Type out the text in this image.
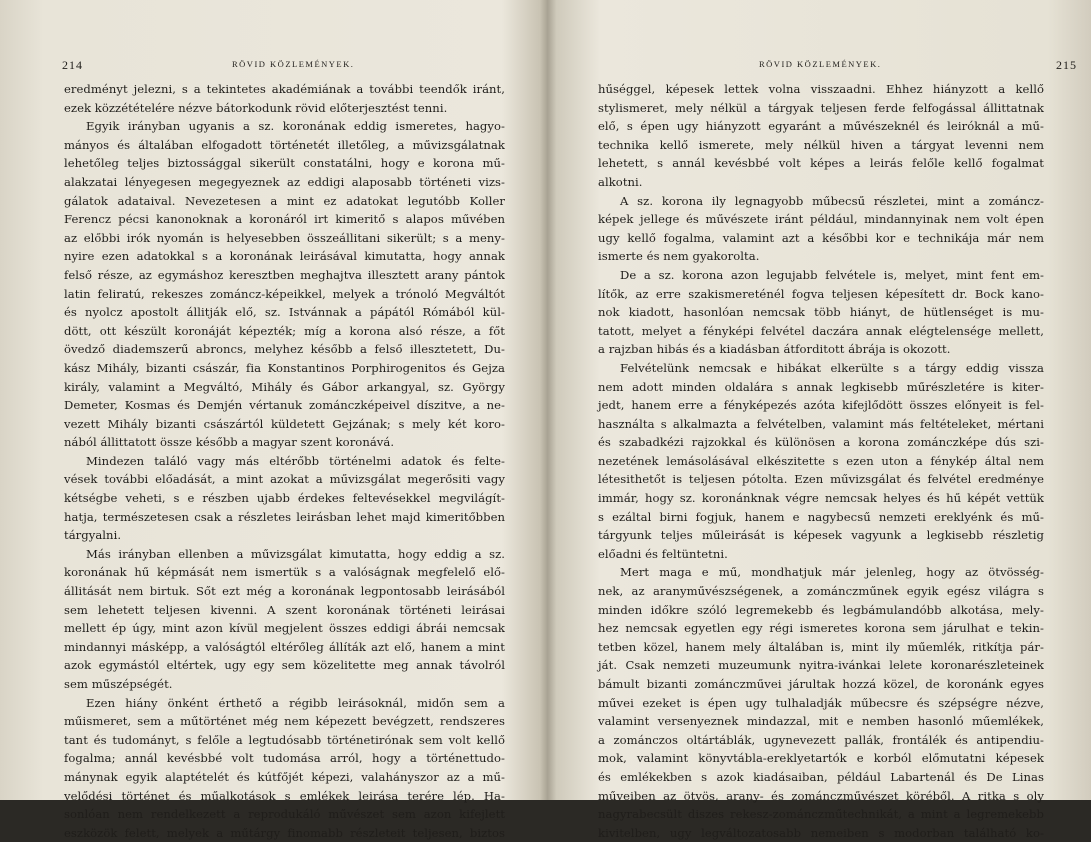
214	RÖVID KÖZLEMÉNYEK.
eredményt jelezni, s a tekintetes akadémiának a további teendők iránt,
ezek közzétételére nézve bátorkodunk rövid előterjesztést tenni.
Egyik irányban ugyanis a sz. koronának eddig ismeretes, hagyo-
mányos és általában elfogadott történetét illetőleg, a művizsgálatnak
lehetőleg teljes biztossággal sikerült constatálni, hogy e korona mű-
alakzatai lényegesen megegyeznek az eddigi alaposabb történeti vizs-
gálatok adataival. Nevezetesen a mint ez adatokat legutóbb Koller
Ferencz pécsi kanonoknak a koronáról irt kimeritő s alapos művében
az előbbi irók nyomán is helyesebben összeállitani sikerült; s a meny-
nyire ezen adatokkal s a koronának leirásával kimutatta, hogy annak
felső része, az egymáshoz keresztben meghajtva illesztett arany pántok
latin feliratú, rekeszes zománcz-képeikkel, melyek a trónoló Megváltót
és nyolcz apostolt állitják elő, sz. Istvánnak a pápától Rómából kül-
dött, ott készült koronáját képezték; míg a korona alsó része, a főt
övedző diademszerű abroncs, melyhez később a felső illesztetett, Du-
kász Mihály, bizanti császár, fia Konstantinos Porphirogenitos és Gejza
király, valamint a Megváltó, Mihály és Gábor arkangyal, sz. György
Demeter, Kosmas és Demjén vértanuk zománczképeivel díszitve, a ne-
vezett Mihály bizanti császártól küldetett Gejzának; s mely két koro-
nából állittatott össze később a magyar szent koronává.
Mindezen találó vagy más eltérőbb történelmi adatok és felte-
vések további előadását, a mint azokat a művizsgálat megerősiti vagy
kétségbe veheti, s e részben ujabb érdekes feltevésekkel megvilágít-
hatja, természetesen csak a részletes leirásban lehet majd kimeritőbben
tárgyalni.
Más irányban ellenben a művizsgálat kimutatta, hogy eddig a sz.
koronának hű képmását nem ismertük s a valóságnak megfelelő elő-
állitását nem birtuk. Sőt ezt még a koronának legpontosabb leirásából
sem lehetett teljesen kivenni. A szent koronának történeti leirásai
mellett ép úgy, mint azon kívül megjelent összes eddigi ábrái nemcsak
mindannyi másképp, a valóságtól eltérőleg állíták azt elő, hanem a mint
azok egymástól eltértek, ugy egy sem közelitette meg annak távolról
sem műszépségét.
Ezen hiány önként érthető a régibb leirásoknál, midőn sem a
műismeret, sem a műtörténet még nem képezett bevégzett, rendszeres
tant és tudományt, s felőle a legtudósabb történetirónak sem volt kellő
fogalma; annál kevésbbé volt tudomása arról, hogy a történettudo-
mánynak egyik alaptételét és kútfőjét képezi, valahányszor az a mű-
velődési történet és műalkotások s emlékek leirása terére lép. Ha-
sonlóan nem rendelkezett a reprodukáló művészet sem azon kifejlett
eszközök felett, melyek a műtárgy finomabb részleteit teljesen, biztos
RÖVID KÖZLEMÉNYEK.	215
hűséggel, képesek lettek volna visszaadni. Ehhez hiányzott a kellő
stylismeret, mely nélkül a tárgyak teljesen ferde felfogással állittatnak
elő, s épen ugy hiányzott egyaránt a művészeknél és leiróknál a mű-
technika kellő ismerete, mely nélkül hiven a tárgyat levenni nem
lehetett, s annál kevésbbé volt képes a leirás felőle kellő fogalmat
alkotni.
A sz. korona ily legnagyobb műbecsű részletei, mint a zománcz-
képek jellege és művészete iránt például, mindannyinak nem volt épen
ugy kellő fogalma, valamint azt a későbbi kor e technikája már nem
ismerte és nem gyakorolta.
De a sz. korona azon legujabb felvétele is, melyet, mint fent em-
lítők, az erre szakismereténél fogva teljesen képesített dr. Bock kano-
nok kiadott, hasonlóan nemcsak több hiányt, de hütlenséget is mu-
tatott, melyet a fényképi felvétel daczára annak elégtelensége mellett,
a rajzban hibás és a kiadásban átforditott ábrája is okozott.
Felvételünk nemcsak e hibákat elkerülte s a tárgy eddig vissza
nem adott minden oldalára s annak legkisebb műrészletére is kiter-
jedt, hanem erre a fényképezés azóta kifejlődött összes előnyeit is fel-
használta s alkalmazta a felvételben, valamint más feltételeket, mértani
és szabadkézi rajzokkal és különösen a korona zománczképe dús szi-
nezetének lemásolásával elkészitette s ezen uton a fénykép által nem
létesithetőt is teljesen pótolta. Ezen művizsgálat és felvétel eredménye
immár, hogy sz. koronánknak végre nemcsak helyes és hű képét vettük
s ezáltal birni fogjuk, hanem e nagybecsű nemzeti ereklyénk és mű-
tárgyunk teljes műleirását is képesek vagyunk a legkisebb részletig
előadni és feltüntetni.
Mert maga e mű, mondhatjuk már jelenleg, hogy az ötvösség-
nek, az aranyművészségenek, a zománczműnek egyik egész világra s
minden időkre szóló legremekebb és legbámulandóbb alkotása, mely-
hez nemcsak egyetlen egy régi ismeretes korona sem járulhat e tekin-
tetben közel, hanem mely általában is, mint ily műemlék, ritkítja pár-
ját. Csak nemzeti muzeumunk nyitra-ivánkai lelete koronarészleteinek
bámult bizanti zománczművei járultak hozzá közel, de koronánk egyes
művei ezeket is épen ugy tulhaladják műbecsre és szépségre nézve,
valamint versenyeznek mindazzal, mit e nemben hasonló műemlékek,
a zománczos oltártáblák, ugynevezett pallák, frontálék és antipendiu-
mok, valamint könyvtábla-ereklyetartók e korból előmutatni képesek
és emlékekben s azok kiadásaiban, például Labartenál és De Linas
műveiben az ötvös, arany- és zománczművészet köréből. A ritka s oly
nagyrabecsült diszes rekesz-zománczműtechnikát, a mint a legremekebb
kivitelben, ugy legváltozatosabb nemeiben s modorban található ko-
